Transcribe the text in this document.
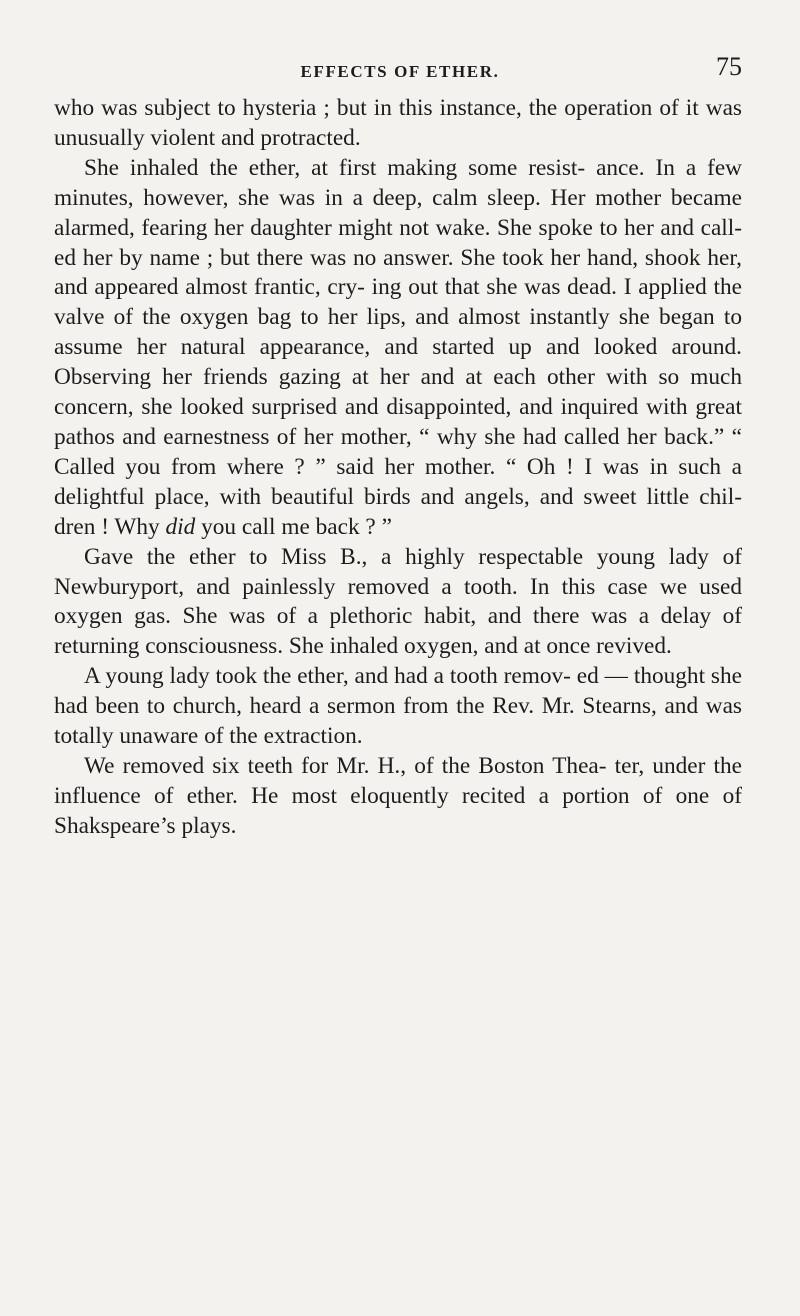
EFFECTS OF ETHER.	75

who was subject to hysteria ; but in this instance, the operation of it was unusually violent and protracted.

She inhaled the ether, at first making some resist- ance. In a few minutes, however, she was in a deep, calm sleep. Her mother became alarmed, fearing her daughter might not wake. She spoke to her and call- ed her by name ; but there was no answer. She took her hand, shook her, and appeared almost frantic, cry- ing out that she was dead. I applied the valve of the oxygen bag to her lips, and almost instantly she began to assume her natural appearance, and started up and looked around. Observing her friends gazing at her and at each other with so much concern, she looked surprised and disappointed, and inquired with great pathos and earnestness of her mother, “ why she had called her back.” “ Called you from where ? ” said her mother. “ Oh ! I was in such a delightful place, with beautiful birds and angels, and sweet little chil- dren ! Why did you call me back ? ”

Gave the ether to Miss B., a highly respectable young lady of Newburyport, and painlessly removed a tooth. In this case we used oxygen gas. She was of a plethoric habit, and there was a delay of returning consciousness. She inhaled oxygen, and at once revived.

A young lady took the ether, and had a tooth remov- ed — thought she had been to church, heard a sermon from the Rev. Mr. Stearns, and was totally unaware of the extraction.

We removed six teeth for Mr. H., of the Boston Thea- ter, under the influence of ether. He most eloquently recited a portion of one of Shakspeare’s plays.
